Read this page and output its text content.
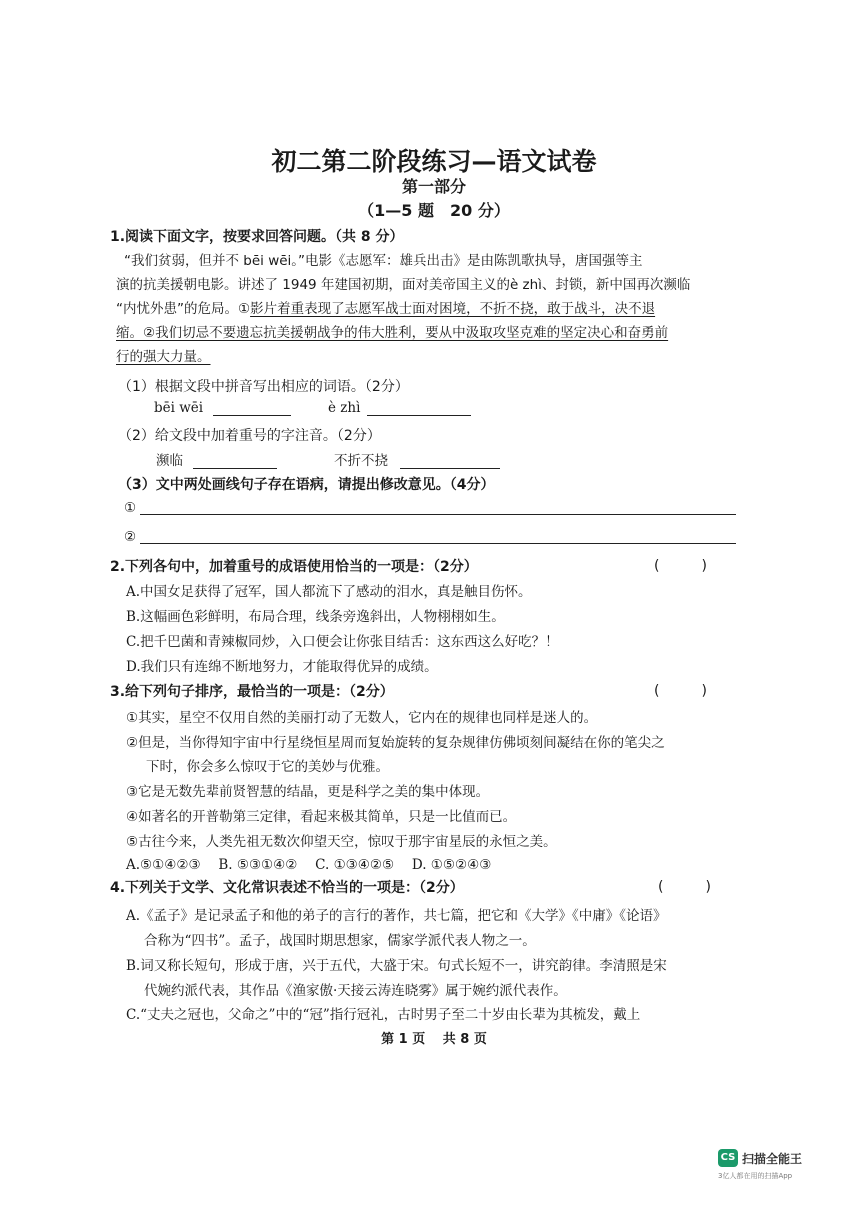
初二第二阶段练习—语文试卷
第一部分
（1—5 题　20 分）
1.阅读下面文字，按要求回答问题。（共 8 分）
“我们贫弱，但并不 bēi wēi。”电影《志愿军：雄兵出击》是由陈凯歌执导，唐国强等主
演的抗美援朝电影。讲述了 1949 年建国初期，面对美帝国主义的è zhì、封锁，新中国再次濒临
“内忧外患”的危局。①影片着重表现了志愿军战士面对困境，不折不挠，敢于战斗，决不退
缩。②我们切忌不要遗忘抗美援朝战争的伟大胜利，要从中汲取攻坚克难的坚定决心和奋勇前
行的强大力量。
（1）根据文段中拼音写出相应的词语。（2分）
bēi wēi	è zhì
（2）给文段中加着重号的字注音。（2分）
濒临	不折不挠
（3）文中两处画线句子存在语病，请提出修改意见。（4分）
①
②
2.下列各句中，加着重号的成语使用恰当的一项是：（2分）	(　　　)
A.中国女足获得了冠军，国人都流下了感动的泪水，真是触目伤怀。
B.这幅画色彩鲜明，布局合理，线条旁逸斜出，人物栩栩如生。
C.把千巴菌和青辣椒同炒，入口便会让你张目结舌：这东西这么好吃？！
D.我们只有连绵不断地努力，才能取得优异的成绩。
3.给下列句子排序，最恰当的一项是：（2分）	(　　　)
①其实，星空不仅用自然的美丽打动了无数人，它内在的规律也同样是迷人的。
②但是，当你得知宇宙中行星绕恒星周而复始旋转的复杂规律仿佛顷刻间凝结在你的笔尖之
下时，你会多么惊叹于它的美妙与优雅。
③它是无数先辈前贤智慧的结晶，更是科学之美的集中体现。
④如著名的开普勒第三定律，看起来极其简单，只是一比值而已。
⑤古往今来，人类先祖无数次仰望天空，惊叹于那宇宙星辰的永恒之美。
A.⑤①④②③　 B. ⑤③①④②　 C. ①③④②⑤　 D. ①⑤②④③
4.下列关于文学、文化常识表述不恰当的一项是：（2分）	(　　　)
A.《孟子》是记录孟子和他的弟子的言行的著作，共七篇，把它和《大学》《中庸》《论语》
合称为“四书”。孟子，战国时期思想家，儒家学派代表人物之一。
B.词又称长短句，形成于唐，兴于五代，大盛于宋。句式长短不一，讲究韵律。李清照是宋
代婉约派代表，其作品《渔家傲·天接云涛连晓雾》属于婉约派代表作。
C.“丈夫之冠也，父命之”中的“冠”指行冠礼，古时男子至二十岁由长辈为其梳发，戴上
第 1 页　 共 8 页
CS 扫描全能王
3亿人都在用的扫描App
